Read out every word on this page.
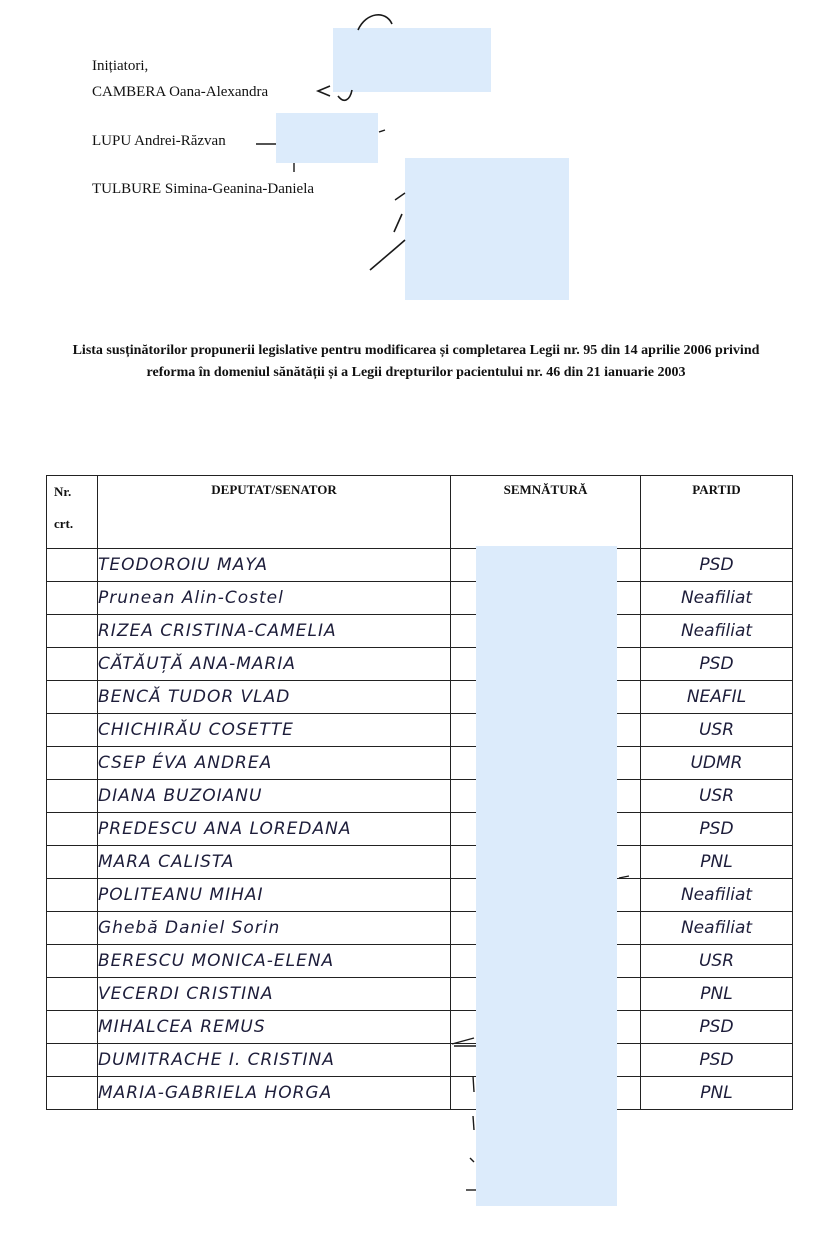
Inițiatori,
CAMBERA Oana-Alexandra
LUPU Andrei-Răzvan
TULBURE Simina-Geanina-Daniela
Lista susținătorilor propunerii legislative pentru modificarea și completarea Legii nr. 95 din 14 aprilie 2006 privind reforma în domeniul sănătății și a Legii drepturilor pacientului nr. 46 din 21 ianuarie 2003
Nr.
crt.	DEPUTAT/SENATOR	SEMNĂTURĂ	PARTID
	TEODOROIU MAYA		PSD
	Prunean Alin-Costel		Neafiliat
	RIZEA CRISTINA-CAMELIA		Neafiliat
	CĂTĂUȚĂ ANA-MARIA		PSD
	BENCĂ TUDOR VLAD		NEAFIL
	CHICHIRĂU COSETTE		USR
	CSEP ÉVA ANDREA		UDMR
	DIANA BUZOIANU		USR
	PREDESCU ANA LOREDANA		PSD
	MARA CALISTA		PNL
	POLITEANU MIHAI		Neafiliat
	Ghebă Daniel Sorin		Neafiliat
	BERESCU MONICA-ELENA		USR
	VECERDI CRISTINA		PNL
	MIHALCEA REMUS		PSD
	DUMITRACHE I. CRISTINA		PSD
	MARIA-GABRIELA HORGA		PNL
